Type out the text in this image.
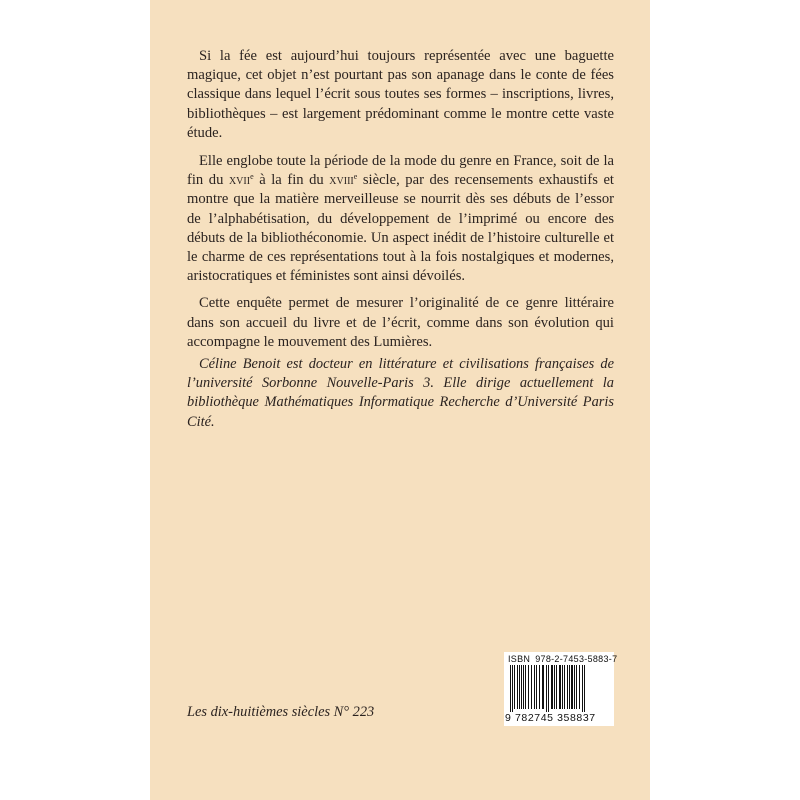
Si la fée est aujourd’hui toujours représentée avec une baguette magique, cet objet n’est pourtant pas son apanage dans le conte de fées classique dans lequel l’écrit sous toutes ses formes – inscriptions, livres, bibliothèques – est largement prédominant comme le montre cette vaste étude.

Elle englobe toute la période de la mode du genre en France, soit de la fin du xvii$^e$ à la fin du xviii$^e$ siècle, par des recensements exhaustifs et montre que la matière merveilleuse se nourrit dès ses débuts de l’essor de l’alphabétisation, du développement de l’imprimé ou encore des débuts de la bibliothéconomie. Un aspect inédit de l’histoire culturelle et le charme de ces représentations tout à la fois nostalgiques et modernes, aristocratiques et féministes sont ainsi dévoilés.

Cette enquête permet de mesurer l’originalité de ce genre littéraire dans son accueil du livre et de l’écrit, comme dans son évolution qui accompagne le mouvement des Lumières.

Céline Benoit est docteur en littérature et civilisations françaises de l’université Sorbonne Nouvelle-Paris 3. Elle dirige actuellement la bibliothèque Mathématiques Informatique Recherche d’Université Paris Cité.

Les dix-huitièmes siècles N° 223
ISBN 978-2-7453-5883-7
9 782745 358837
